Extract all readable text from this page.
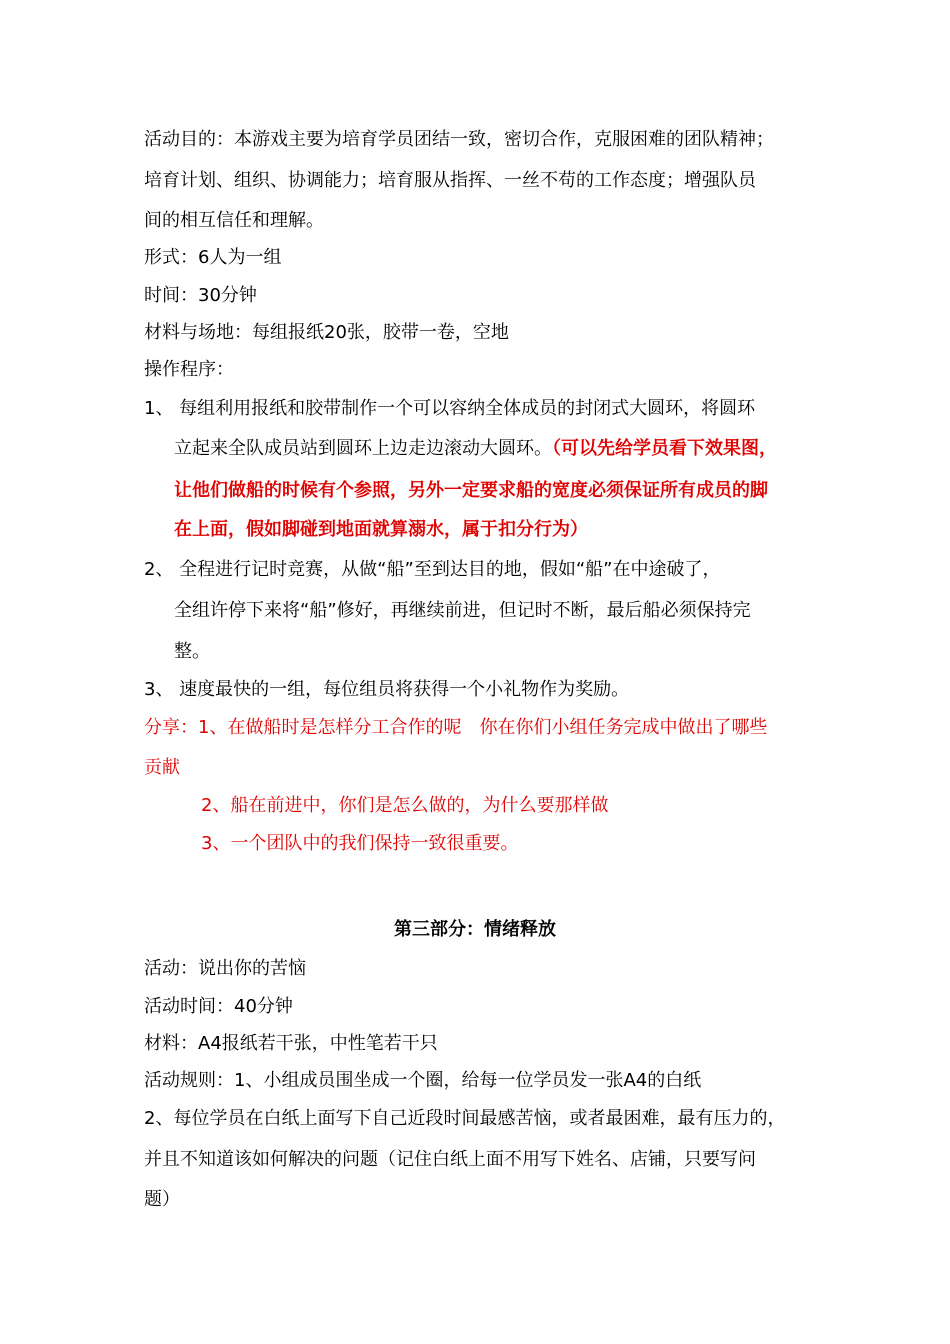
活动目的：本游戏主要为培育学员团结一致，密切合作，克服困难的团队精神；
培育计划、组织、协调能力；培育服从指挥、一丝不苟的工作态度；增强队员
间的相互信任和理解。
形式：6人为一组
时间：30分钟
材料与场地：每组报纸20张，胶带一卷，空地
操作程序：
1、 每组利用报纸和胶带制作一个可以容纳全体成员的封闭式大圆环，将圆环
立起来全队成员站到圆环上边走边滚动大圆环。（可以先给学员看下效果图，
让他们做船的时候有个参照，另外一定要求船的宽度必须保证所有成员的脚
在上面，假如脚碰到地面就算溺水，属于扣分行为）
2、 全程进行记时竞赛，从做“船”至到达目的地，假如“船”在中途破了，
全组许停下来将“船”修好，再继续前进，但记时不断，最后船必须保持完
整。
3、 速度最快的一组，每位组员将获得一个小礼物作为奖励。
分享：1、在做船时是怎样分工合作的呢　你在你们小组任务完成中做出了哪些
贡献
2、船在前进中，你们是怎么做的，为什么要那样做
3、一个团队中的我们保持一致很重要。
第三部分：情绪释放
活动：说出你的苦恼
活动时间：40分钟
材料：A4报纸若干张，中性笔若干只
活动规则：1、小组成员围坐成一个圈，给每一位学员发一张A4的白纸
2、每位学员在白纸上面写下自己近段时间最感苦恼，或者最困难，最有压力的，
并且不知道该如何解决的问题（记住白纸上面不用写下姓名、店铺，只要写问
题）
